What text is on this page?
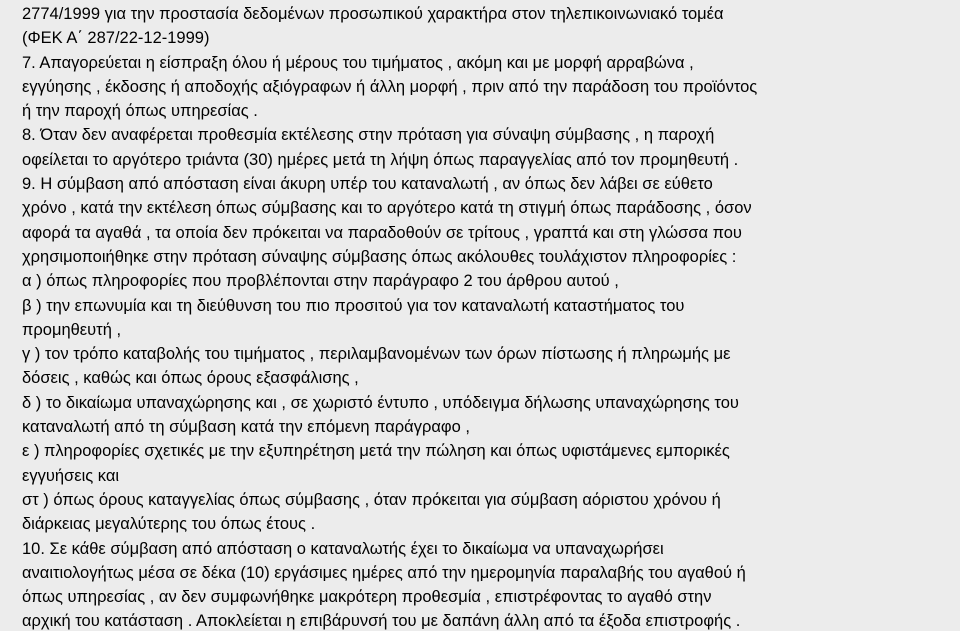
2774/1999 για την προστασία δεδομένων προσωπικού χαρακτήρα στον τηλεπικοινωνιακό τομέα
(ΦΕΚ Α΄ 287/22-12-1999)
7. Απαγορεύεται η είσπραξη όλου ή μέρους του τιμήματος , ακόμη και με μορφή αρραβώνα ,
εγγύησης , έκδοσης ή αποδοχής αξιόγραφων ή άλλη μορφή , πριν από την παράδοση του προϊόντος
ή την παροχή όπως υπηρεσίας .
8. Όταν δεν αναφέρεται προθεσμία εκτέλεσης στην πρόταση για σύναψη σύμβασης , η παροχή
οφείλεται το αργότερο τριάντα (30) ημέρες μετά τη λήψη όπως παραγγελίας από τον προμηθευτή .
9. Η σύμβαση από απόσταση είναι άκυρη υπέρ του καταναλωτή , αν όπως δεν λάβει σε εύθετο
χρόνο , κατά την εκτέλεση όπως σύμβασης και το αργότερο κατά τη στιγμή όπως παράδοσης , όσον
αφορά τα αγαθά , τα οποία δεν πρόκειται να παραδοθούν σε τρίτους , γραπτά και στη γλώσσα που
χρησιμοποιήθηκε στην πρόταση σύναψης σύμβασης όπως ακόλουθες τουλάχιστον πληροφορίες :
α ) όπως πληροφορίες που προβλέπονται στην παράγραφο 2 του άρθρου αυτού ,
β ) την επωνυμία και τη διεύθυνση του πιο προσιτού για τον καταναλωτή καταστήματος του
προμηθευτή ,
γ ) τον τρόπο καταβολής του τιμήματος , περιλαμβανομένων των όρων πίστωσης ή πληρωμής με
δόσεις , καθώς και όπως όρους εξασφάλισης ,
δ ) το δικαίωμα υπαναχώρησης και , σε χωριστό έντυπο , υπόδειγμα δήλωσης υπαναχώρησης του
καταναλωτή από τη σύμβαση κατά την επόμενη παράγραφο ,
ε ) πληροφορίες σχετικές με την εξυπηρέτηση μετά την πώληση και όπως υφιστάμενες εμπορικές
εγγυήσεις και
στ ) όπως όρους καταγγελίας όπως σύμβασης , όταν πρόκειται για σύμβαση αόριστου χρόνου ή
διάρκειας μεγαλύτερης του όπως έτους .
10. Σε κάθε σύμβαση από απόσταση ο καταναλωτής έχει το δικαίωμα να υπαναχωρήσει
αναιτιολογήτως μέσα σε δέκα (10) εργάσιμες ημέρες από την ημερομηνία παραλαβής του αγαθού ή
όπως υπηρεσίας , αν δεν συμφωνήθηκε μακρότερη προθεσμία , επιστρέφοντας το αγαθό στην
αρχική του κατάσταση . Αποκλείεται η επιβάρυνσή του με δαπάνη άλλη από τα έξοδα επιστροφής .
